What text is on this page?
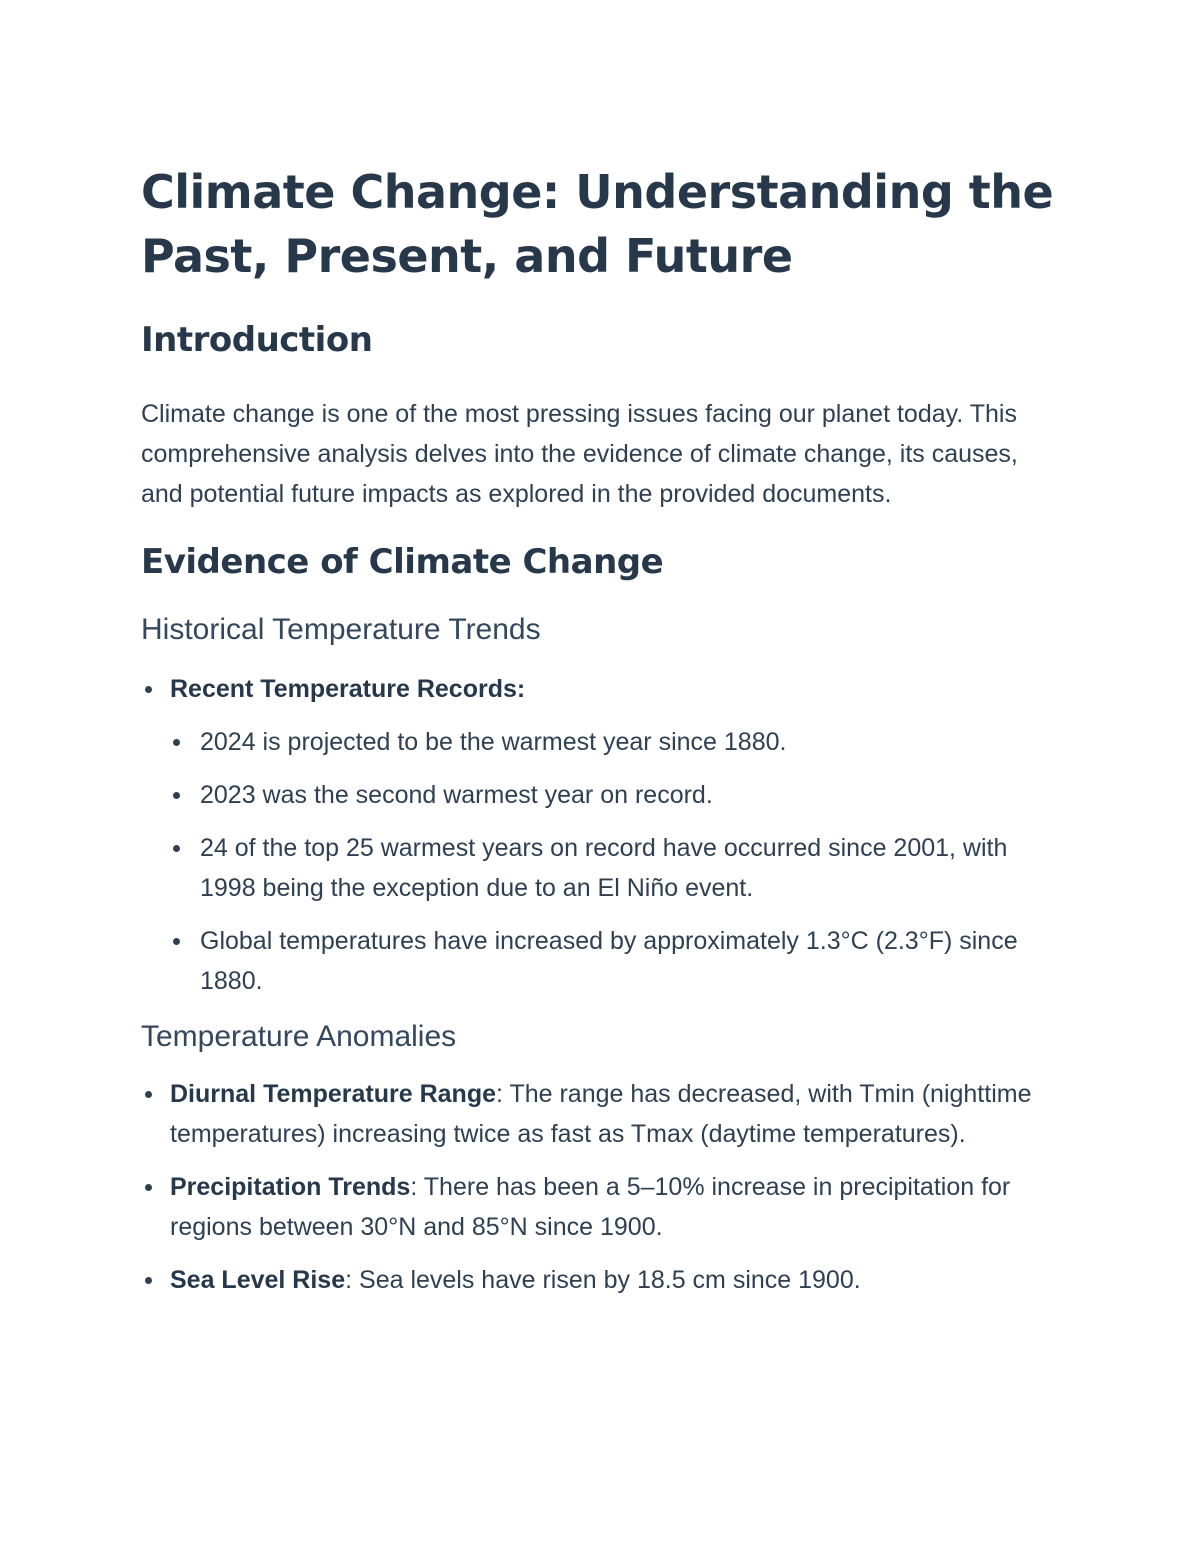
Climate Change: Understanding the Past, Present, and Future
Introduction

Climate change is one of the most pressing issues facing our planet today. This comprehensive analysis delves into the evidence of climate change, its causes, and potential future impacts as explored in the provided documents.

Evidence of Climate Change
Historical Temperature Trends
Recent Temperature Records:
2024 is projected to be the warmest year since 1880.
2023 was the second warmest year on record.
24 of the top 25 warmest years on record have occurred since 2001, with 1998 being the exception due to an El Niño event.
Global temperatures have increased by approximately 1.3°C (2.3°F) since 1880.
Temperature Anomalies
Diurnal Temperature Range: The range has decreased, with Tmin (nighttime temperatures) increasing twice as fast as Tmax (daytime temperatures).
Precipitation Trends: There has been a 5–10% increase in precipitation for regions between 30°N and 85°N since 1900.
Sea Level Rise: Sea levels have risen by 18.5 cm since 1900.
